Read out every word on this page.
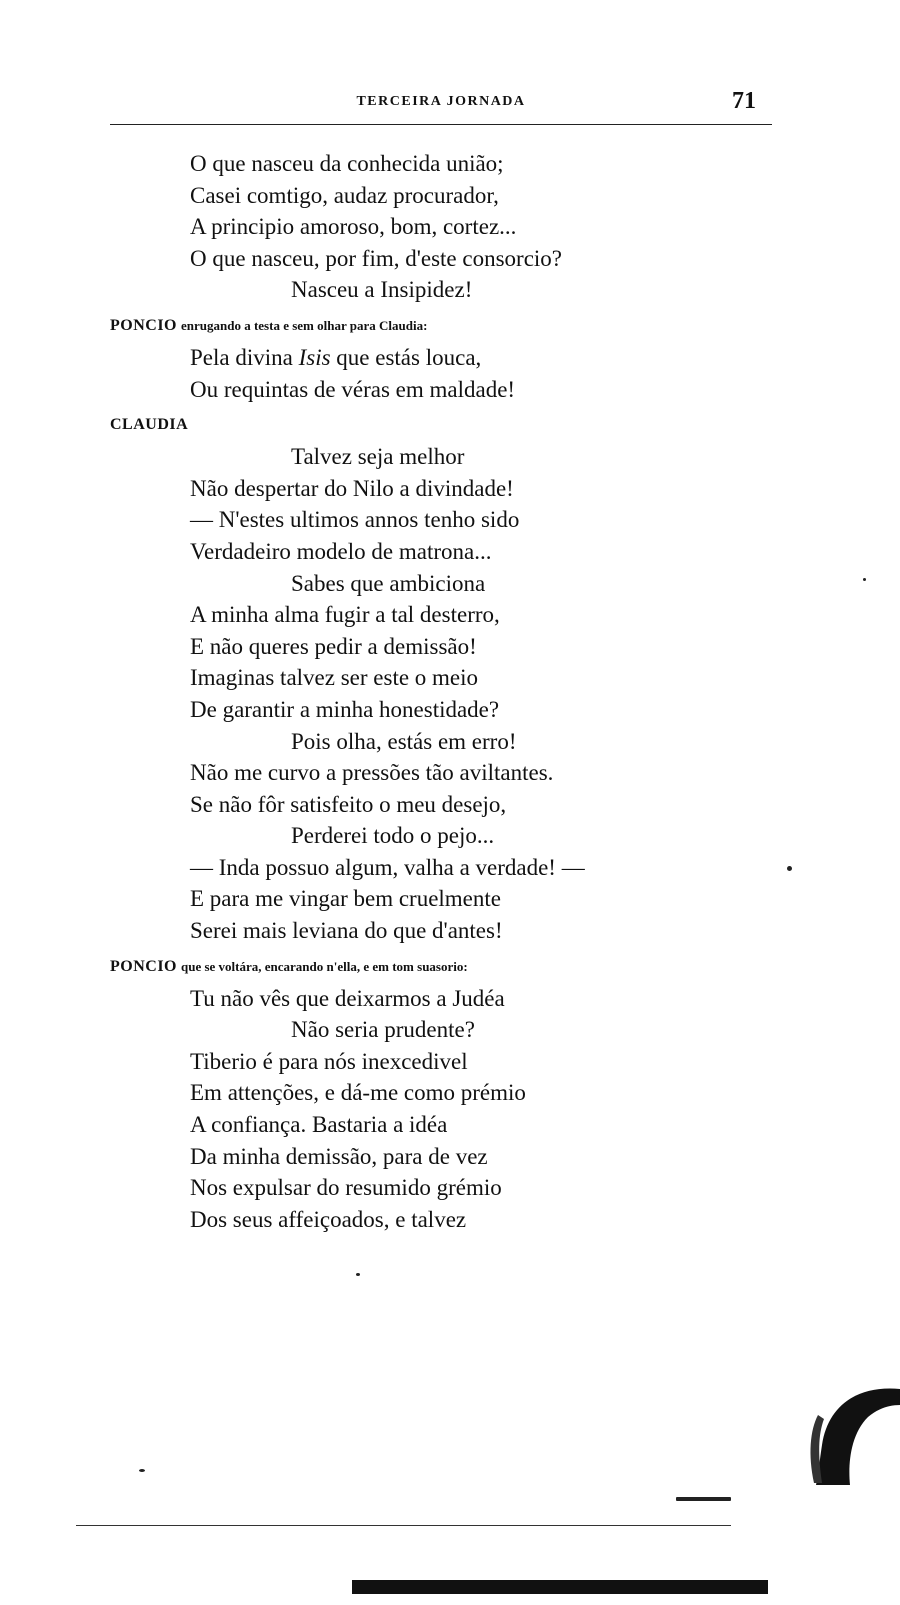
TERCEIRA JORNADA	71
O que nasceu da conhecida união;
Casei comtigo, audaz procurador,
A principio amoroso, bom, cortez...
O que nasceu, por fim, d'este consorcio?
Nasceu a Insipidez!
PONCIO enrugando a testa e sem olhar para Claudia:
Pela divina Isis que estás louca,
Ou requintas de véras em maldade!
CLAUDIA
Talvez seja melhor
Não despertar do Nilo a divindade!
— N'estes ultimos annos tenho sido
Verdadeiro modelo de matrona...
Sabes que ambiciona
A minha alma fugir a tal desterro,
E não queres pedir a demissão!
Imaginas talvez ser este o meio
De garantir a minha honestidade?
Pois olha, estás em erro!
Não me curvo a pressões tão aviltantes.
Se não fôr satisfeito o meu desejo,
Perderei todo o pejo...
— Inda possuo algum, valha a verdade! —
E para me vingar bem cruelmente
Serei mais leviana do que d'antes!
PONCIO que se voltára, encarando n'ella, e em tom suasorio:
Tu não vês que deixarmos a Judéa
Não seria prudente?
Tiberio é para nós inexcedivel
Em attenções, e dá-me como prémio
A confiança. Bastaria a idéa
Da minha demissão, para de vez
Nos expulsar do resumido grémio
Dos seus affeiçoados, e talvez
